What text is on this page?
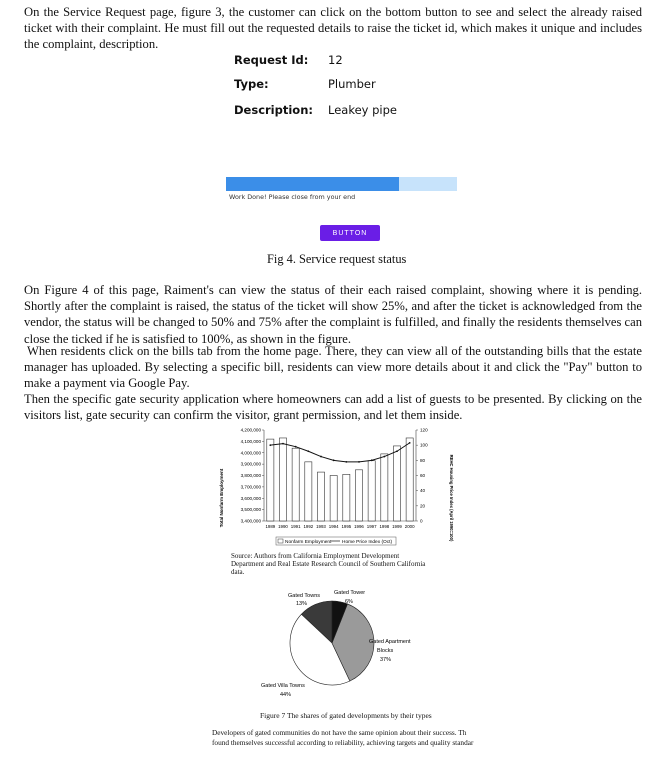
On the Service Request page, figure 3, the customer can click on the bottom button to see and select the already raised ticket with their complaint. He must fill out the requested details to raise the ticket id, which makes it unique and includes the complaint, description.

Request Id: 12
Type:	Plumber
Description: Leakey pipe
Work Done! Please close from your end
BUTTON
Fig 4. Service request status

On Figure 4 of this page, Raiment's can view the status of their each raised complaint, showing where it is pending. Shortly after the complaint is raised, the status of the ticket will show 25%, and after the ticket is acknowledged from the vendor, the status will be changed to 50% and 75% after the complaint is fulfilled, and finally the residents themselves can close the ticked if he is satisfied to 100%, as shown in the figure.

When residents click on the bills tab from the home page. There, they can view all of the outstanding bills that the estate manager has uploaded. By selecting a specific bill, residents can view more details about it and click the "Pay" button to make a payment via Google Pay.

Then the specific gate security application where homeowners can add a list of guests to be presented. By clicking on the visitors list, gate security can confirm the visitor, grant permission, and let them inside.

Total Nonfarm Employment	REHC Housing Price Index (April 1990=100)
Nonfarm Employment Home Price Index (Oct)
4,200,000
4,100,000
4,000,000
3,900,000
3,800,000
3,700,000
3,600,000
3,500,000
3,400,000
120
100
80
60
40
20
0
1989 1990 1991 1992 1993 1994 1995 1996 1997 1998 1999 2000
Source: Authors from California Employment Development Department and Real Estate Research Council of Southern California data.
Gated Towns
13%
Gated Tower
6%
Gated Apartment
Blocks
37%
Gated Villa Towns
44%
Figure 7 The shares of gated developments by their types
Developers of gated communities do not have the same opinion about their success. Th
found themselves successful according to reliability, achieving targets and quality standar
